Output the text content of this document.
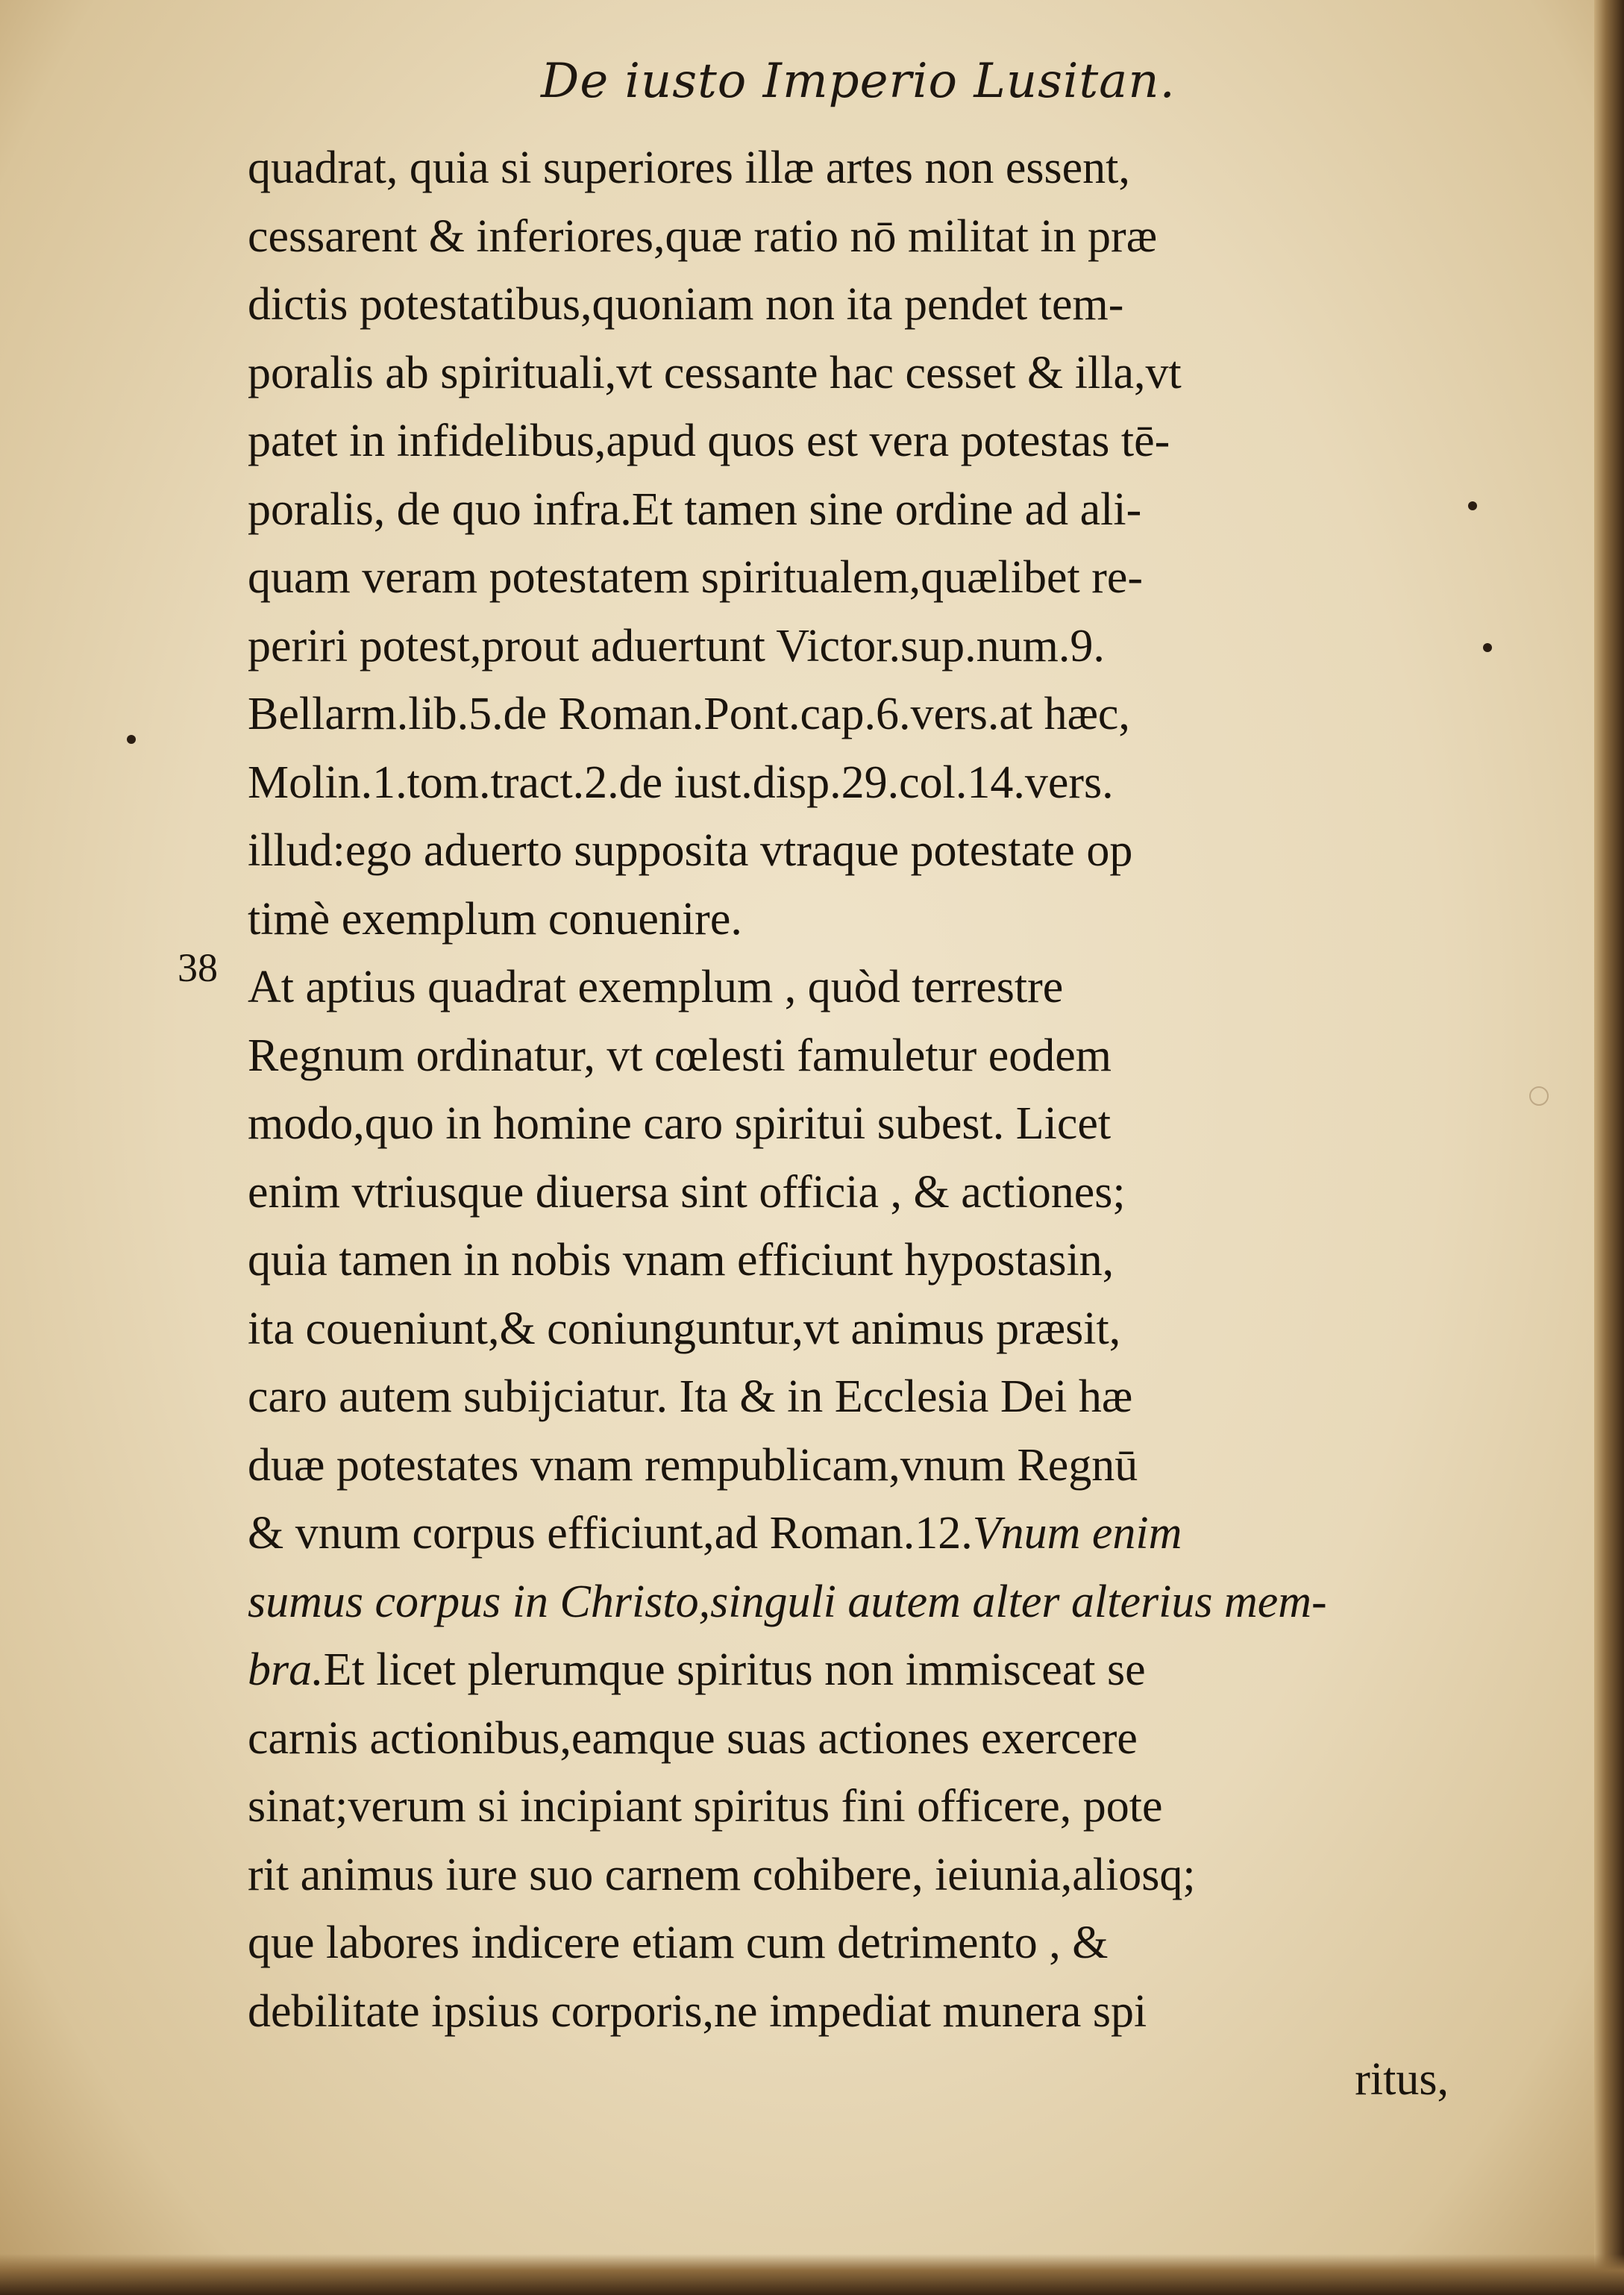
De iusto Imperio Lusitan.
38
quadrat, quia si superiores illæ artes non essent,
cessarent & inferiores,quæ ratio nō militat in præ
dictis potestatibus,quoniam non ita pendet tem-
poralis ab spirituali,vt cessante hac cesset & illa,vt
patet in infidelibus,apud quos est vera potestas tē-
poralis, de quo infra.Et tamen sine ordine ad ali-
quam veram potestatem spiritualem,quælibet re-
periri potest,prout aduertunt Victor.sup.num.9.
Bellarm.lib.5.de Roman.Pont.cap.6.vers.at hæc,
Molin.1.tom.tract.2.de iust.disp.29.col.14.vers.
illud:ego aduerto supposita vtraque potestate op
timè exemplum conuenire.
At aptius quadrat exemplum , quòd terrestre
Regnum ordinatur, vt cœlesti famuletur eodem
modo,quo in homine caro spiritui subest. Licet
enim vtriusque diuersa sint officia , & actiones;
quia tamen in nobis vnam efficiunt hypostasin,
ita coueniunt,& coniunguntur,vt animus præsit,
caro autem subijciatur. Ita & in Ecclesia Dei hæ
duæ potestates vnam rempublicam,vnum Regnū
& vnum corpus efficiunt,ad Roman.12.Vnum enim
sumus corpus in Christo,singuli autem alter alterius mem-
bra.Et licet plerumque spiritus non immisceat se
carnis actionibus,eamque suas actiones exercere
sinat;verum si incipiant spiritus fini officere, pote
rit animus iure suo carnem cohibere, ieiunia,aliosq;
que labores indicere etiam cum detrimento , &
debilitate ipsius corporis,ne impediat munera spi
ritus,
